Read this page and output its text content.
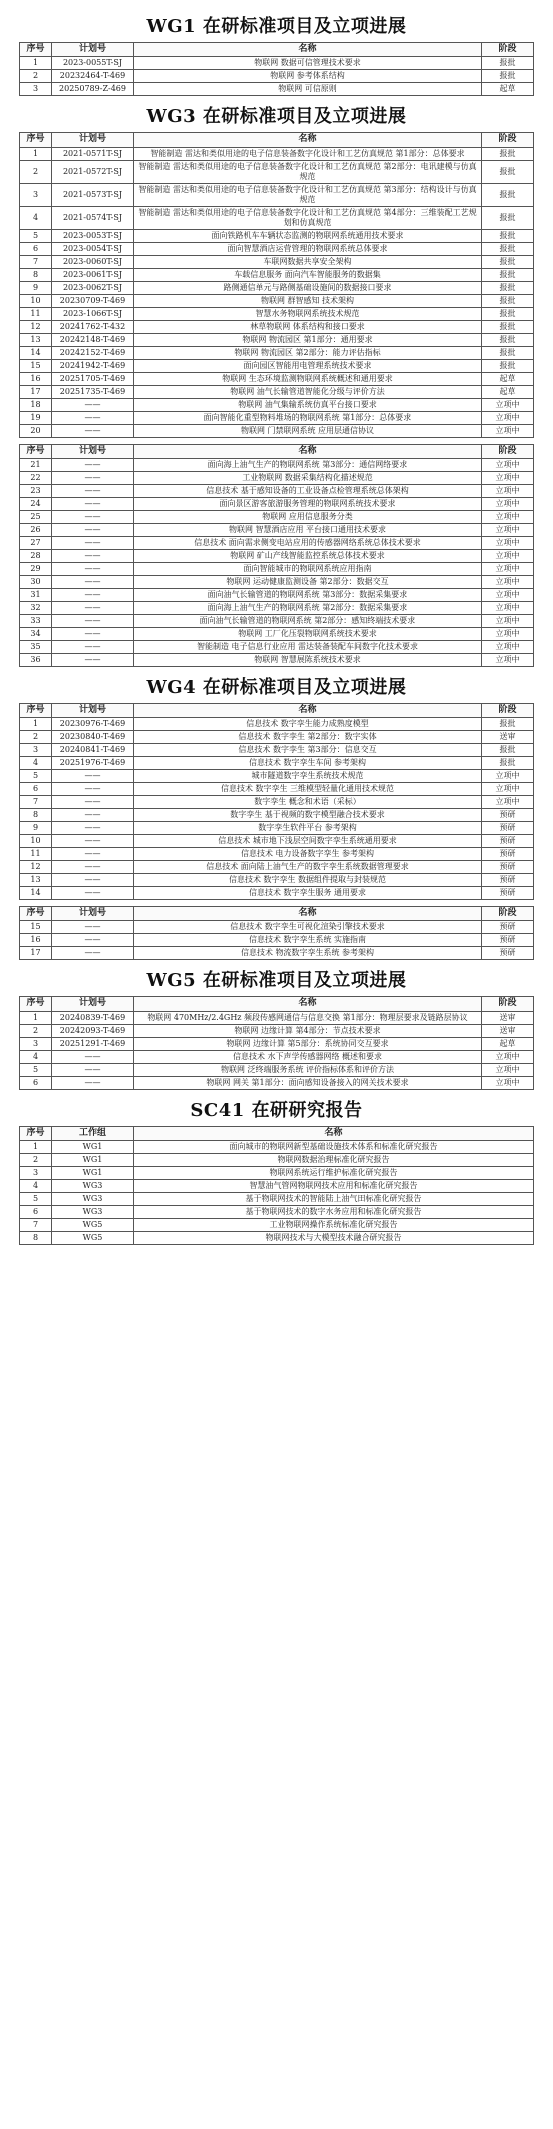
WG1 在研标准项目及立项进展
序号	计划号	名称	阶段
1	2023-0055T-SJ	物联网 数据可信管理技术要求	报批
2	20232464-T-469	物联网 参考体系结构	报批
3	20250789-Z-469	物联网 可信原则	起草
WG3 在研标准项目及立项进展
序号	计划号	名称	阶段
1	2021-0571T-SJ	智能制造 雷达和类似用途的电子信息装备数字化设计和工艺仿真规范 第1部分：总体要求	报批
2	2021-0572T-SJ	智能制造 雷达和类似用途的电子信息装备数字化设计和工艺仿真规范 第2部分：电讯建模与仿真规范	报批
3	2021-0573T-SJ	智能制造 雷达和类似用途的电子信息装备数字化设计和工艺仿真规范 第3部分：结构设计与仿真规范	报批
4	2021-0574T-SJ	智能制造 雷达和类似用途的电子信息装备数字化设计和工艺仿真规范 第4部分：三维装配工艺规划和仿真规范	报批
5	2023-0053T-SJ	面向铁路机车车辆状态监测的物联网系统通用技术要求	报批
6	2023-0054T-SJ	面向智慧酒店运营管理的物联网系统总体要求	报批
7	2023-0060T-SJ	车联网数据共享安全架构	报批
8	2023-0061T-SJ	车载信息服务 面向汽车智能服务的数据集	报批
9	2023-0062T-SJ	路侧通信单元与路侧基础设施间的数据接口要求	报批
10	20230709-T-469	物联网 群智感知 技术架构	报批
11	2023-1066T-SJ	智慧水务物联网系统技术规范	报批
12	20241762-T-432	林草物联网 体系结构和接口要求	报批
13	20242148-T-469	物联网 物流园区 第1部分：通用要求	报批
14	20242152-T-469	物联网 物流园区 第2部分：能力评估指标	报批
15	20241942-T-469	面向园区智能用电管理系统技术要求	报批
16	20251705-T-469	物联网 生态环境监测物联网系统概述和通用要求	起草
17	20251735-T-469	物联网 油气长输管道智能化分级与评价方法	起草
18	——	物联网 油气集输系统仿真平台接口要求	立项中
19	——	面向智能化重型物料堆场的物联网系统 第1部分：总体要求	立项中
20	——	物联网 门禁联网系统 应用层通信协议	立项中
序号	计划号	名称	阶段
21	——	面向海上油气生产的物联网系统 第3部分：通信网络要求	立项中
22	——	工业物联网 数据采集结构化描述规范	立项中
23	——	信息技术 基于感知设备的工业设备点检管理系统总体架构	立项中
24	——	面向景区游客旅游服务管理的物联网系统技术要求	立项中
25	——	物联网 应用信息服务分类	立项中
26	——	物联网 智慧酒店应用 平台接口通用技术要求	立项中
27	——	信息技术 面向需求侧变电站应用的传感器网络系统总体技术要求	立项中
28	——	物联网 矿山产线智能监控系统总体技术要求	立项中
29	——	面向智能城市的物联网系统应用指南	立项中
30	——	物联网 运动健康监测设备 第2部分：数据交互	立项中
31	——	面向油气长输管道的物联网系统 第3部分：数据采集要求	立项中
32	——	面向海上油气生产的物联网系统 第2部分：数据采集要求	立项中
33	——	面向油气长输管道的物联网系统 第2部分：感知终端技术要求	立项中
34	——	物联网 工厂化压裂物联网系统技术要求	立项中
35	——	智能制造 电子信息行业应用 雷达装备装配车间数字化技术要求	立项中
36	——	物联网 智慧展陈系统技术要求	立项中
WG4 在研标准项目及立项进展
序号	计划号	名称	阶段
1	20230976-T-469	信息技术 数字孪生能力成熟度模型	报批
2	20230840-T-469	信息技术 数字孪生 第2部分：数字实体	送审
3	20240841-T-469	信息技术 数字孪生 第3部分：信息交互	报批
4	20251976-T-469	信息技术 数字孪生车间 参考架构	报批
5	——	城市隧道数字孪生系统技术规范	立项中
6	——	信息技术 数字孪生 三维模型轻量化通用技术规范	立项中
7	——	数字孪生 概念和术语（采标）	立项中
8	——	数字孪生 基于视频的数字模型融合技术要求	预研
9	——	数字孪生软件平台 参考架构	预研
10	——	信息技术 城市地下浅层空间数字孪生系统通用要求	预研
11	——	信息技术 电力设备数字孪生 参考架构	预研
12	——	信息技术 面向陆上油气生产的数字孪生系统数据管理要求	预研
13	——	信息技术 数字孪生 数据组件提取与封装规范	预研
14	——	信息技术 数字孪生服务 通用要求	预研
序号	计划号	名称	阶段
15	——	信息技术 数字孪生可视化渲染引擎技术要求	预研
16	——	信息技术 数字孪生系统 实施指南	预研
17	——	信息技术 物流数字孪生系统 参考架构	预研
WG5 在研标准项目及立项进展
序号	计划号	名称	阶段
1	20240839-T-469	物联网 470MHz/2.4GHz 频段传感网通信与信息交换 第1部分：物理层要求及链路层协议	送审
2	20242093-T-469	物联网 边缘计算 第4部分：节点技术要求	送审
3	20251291-T-469	物联网 边缘计算 第5部分：系统协同交互要求	起草
4	——	信息技术 水下声学传感器网络 概述和要求	立项中
5	——	物联网 泛终端服务系统 评价指标体系和评价方法	立项中
6	——	物联网 网关 第1部分：面向感知设备接入的网关技术要求	立项中
SC41 在研研究报告
序号	工作组	名称
1	WG1	面向城市的物联网新型基础设施技术体系和标准化研究报告
2	WG1	物联网数据治理标准化研究报告
3	WG1	物联网系统运行维护标准化研究报告
4	WG3	智慧油气管网物联网技术应用和标准化研究报告
5	WG3	基于物联网技术的智能陆上油气田标准化研究报告
6	WG3	基于物联网技术的数字水务应用和标准化研究报告
7	WG5	工业物联网操作系统标准化研究报告
8	WG5	物联网技术与大模型技术融合研究报告
